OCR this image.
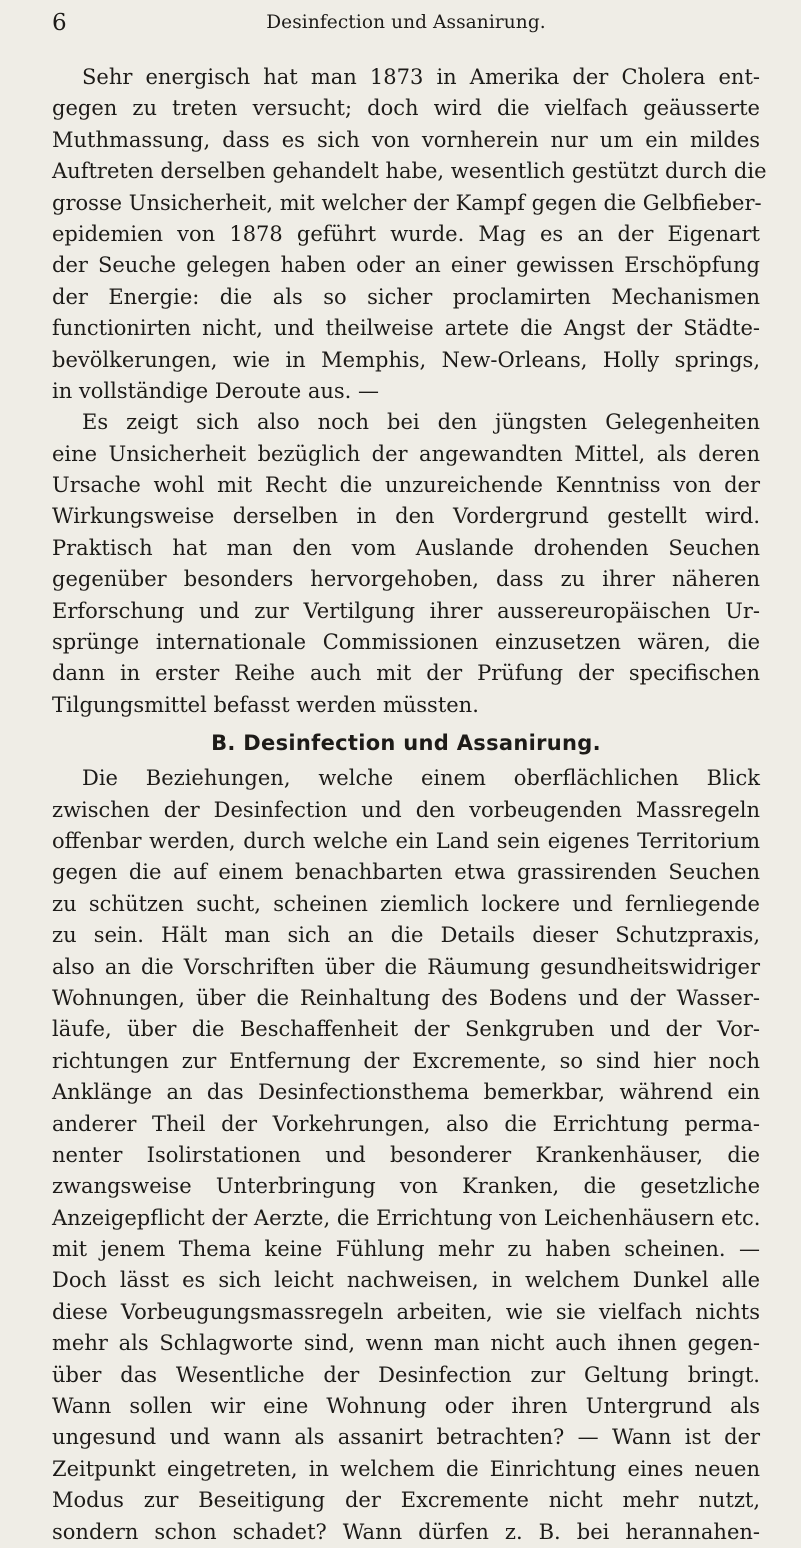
6	Desinfection und Assanirung.
Sehr energisch hat man 1873 in Amerika der Cholera ent-
gegen zu treten versucht; doch wird die vielfach geäusserte
Muthmassung, dass es sich von vornherein nur um ein mildes
Auftreten derselben gehandelt habe, wesentlich gestützt durch die
grosse Unsicherheit, mit welcher der Kampf gegen die Gelbfieber-
epidemien von 1878 geführt wurde. Mag es an der Eigenart
der Seuche gelegen haben oder an einer gewissen Erschöpfung
der Energie: die als so sicher proclamirten Mechanismen
functionirten nicht, und theilweise artete die Angst der Städte-
bevölkerungen, wie in Memphis, New-Orleans, Holly springs,
in vollständige Deroute aus. —
Es zeigt sich also noch bei den jüngsten Gelegenheiten
eine Unsicherheit bezüglich der angewandten Mittel, als deren
Ursache wohl mit Recht die unzureichende Kenntniss von der
Wirkungsweise derselben in den Vordergrund gestellt wird.
Praktisch hat man den vom Auslande drohenden Seuchen
gegenüber besonders hervorgehoben, dass zu ihrer näheren
Erforschung und zur Vertilgung ihrer aussereuropäischen Ur-
sprünge internationale Commissionen einzusetzen wären, die
dann in erster Reihe auch mit der Prüfung der specifischen
Tilgungsmittel befasst werden müssten.
B. Desinfection und Assanirung.
Die Beziehungen, welche einem oberflächlichen Blick
zwischen der Desinfection und den vorbeugenden Massregeln
offenbar werden, durch welche ein Land sein eigenes Territorium
gegen die auf einem benachbarten etwa grassirenden Seuchen
zu schützen sucht, scheinen ziemlich lockere und fernliegende
zu sein. Hält man sich an die Details dieser Schutzpraxis,
also an die Vorschriften über die Räumung gesundheitswidriger
Wohnungen, über die Reinhaltung des Bodens und der Wasser-
läufe, über die Beschaffenheit der Senkgruben und der Vor-
richtungen zur Entfernung der Excremente, so sind hier noch
Anklänge an das Desinfectionsthema bemerkbar, während ein
anderer Theil der Vorkehrungen, also die Errichtung perma-
nenter Isolirstationen und besonderer Krankenhäuser, die
zwangsweise Unterbringung von Kranken, die gesetzliche
Anzeigepflicht der Aerzte, die Errichtung von Leichenhäusern etc.
mit jenem Thema keine Fühlung mehr zu haben scheinen. —
Doch lässt es sich leicht nachweisen, in welchem Dunkel alle
diese Vorbeugungsmassregeln arbeiten, wie sie vielfach nichts
mehr als Schlagworte sind, wenn man nicht auch ihnen gegen-
über das Wesentliche der Desinfection zur Geltung bringt.
Wann sollen wir eine Wohnung oder ihren Untergrund als
ungesund und wann als assanirt betrachten? — Wann ist der
Zeitpunkt eingetreten, in welchem die Einrichtung eines neuen
Modus zur Beseitigung der Excremente nicht mehr nutzt,
sondern schon schadet? Wann dürfen z. B. bei herannahen-
